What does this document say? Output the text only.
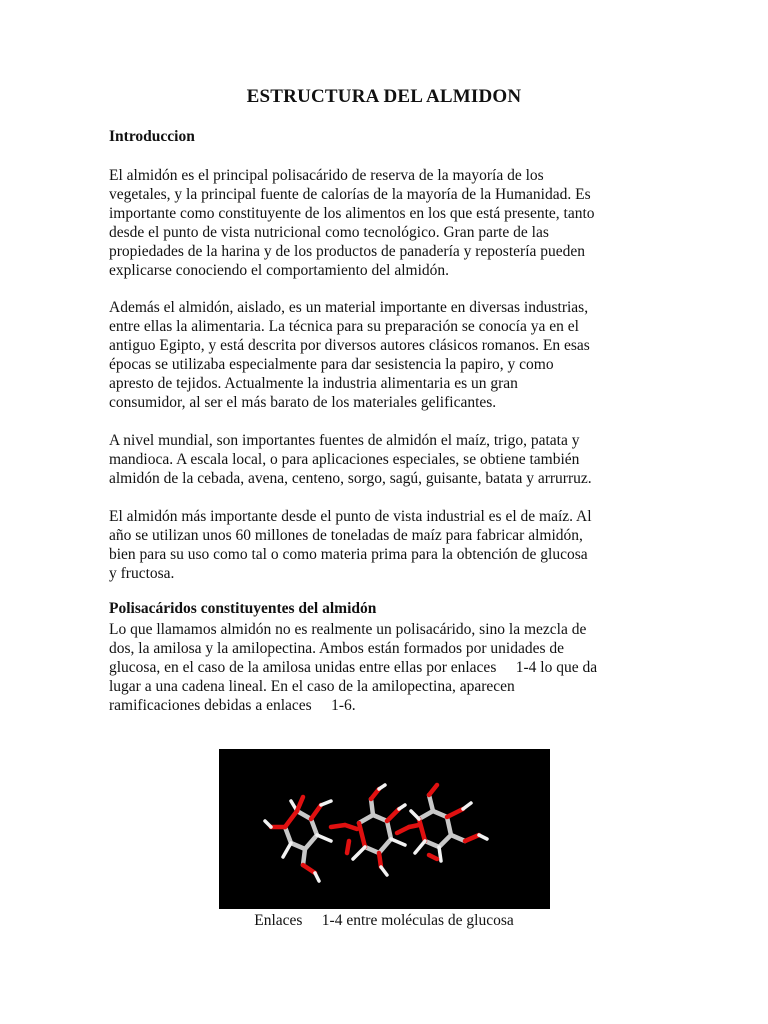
ESTRUCTURA DEL ALMIDON
Introduccion
El almidón es el principal polisacárido de reserva de la mayoría de los
vegetales, y la principal fuente de calorías de la mayoría de la Humanidad. Es
importante como constituyente de los alimentos en los que está presente, tanto
desde el punto de vista nutricional como tecnológico. Gran parte de las
propiedades de la harina y de los productos de panadería y repostería pueden
explicarse conociendo el comportamiento del almidón.
Además el almidón, aislado, es un material importante en diversas industrias,
entre ellas la alimentaria. La técnica para su preparación se conocía ya en el
antiguo Egipto, y está descrita por diversos autores clásicos romanos. En esas
épocas se utilizaba especialmente para dar sesistencia la papiro, y como
apresto de tejidos. Actualmente la industria alimentaria es un gran
consumidor, al ser el más barato de los materiales gelificantes.
A nivel mundial, son importantes fuentes de almidón el maíz, trigo, patata y
mandioca. A escala local, o para aplicaciones especiales, se obtiene también
almidón de la cebada, avena, centeno, sorgo, sagú, guisante, batata y arrurruz.
El almidón más importante desde el punto de vista industrial es el de maíz. Al
año se utilizan unos 60 millones de toneladas de maíz para fabricar almidón,
bien para su uso como tal o como materia prima para la obtención de glucosa
y fructosa.
Polisacáridos constituyentes del almidón
Lo que llamamos almidón no es realmente un polisacárido, sino la mezcla de
dos, la amilosa y la amilopectina. Ambos están formados por unidades de
glucosa, en el caso de la amilosa unidas entre ellas por enlaces     1-4 lo que da
lugar a una cadena lineal. En el caso de la amilopectina, aparecen
ramificaciones debidas a enlaces     1-6.
Enlaces     1-4 entre moléculas de glucosa
